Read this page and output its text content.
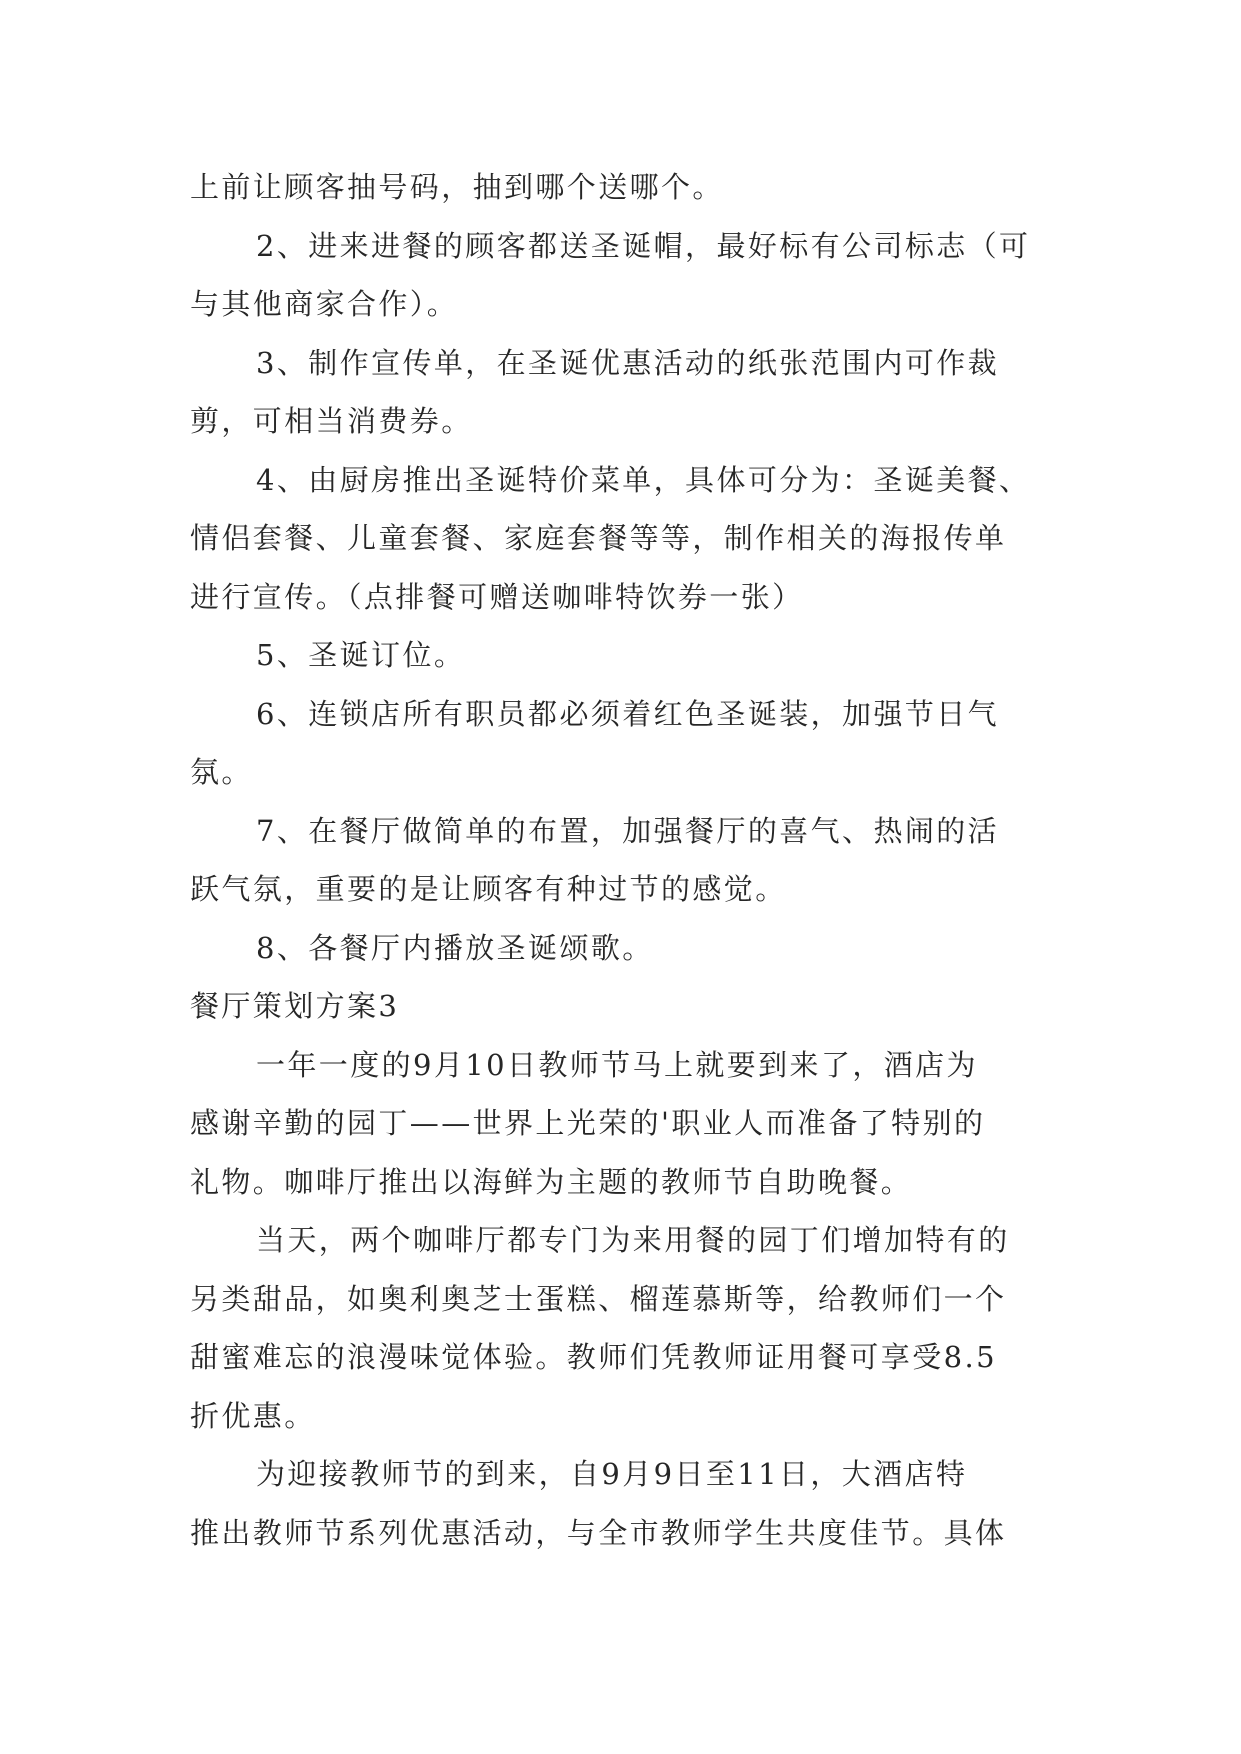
上前让顾客抽号码，抽到哪个送哪个。
2、进来进餐的顾客都送圣诞帽，最好标有公司标志（可
与其他商家合作）。
3、制作宣传单，在圣诞优惠活动的纸张范围内可作裁
剪，可相当消费券。
4、由厨房推出圣诞特价菜单，具体可分为：圣诞美餐、
情侣套餐、儿童套餐、家庭套餐等等，制作相关的海报传单
进行宣传。（点排餐可赠送咖啡特饮券一张）
5、圣诞订位。
6、连锁店所有职员都必须着红色圣诞装，加强节日气
氛。
7、在餐厅做简单的布置，加强餐厅的喜气、热闹的活
跃气氛，重要的是让顾客有种过节的感觉。
8、各餐厅内播放圣诞颂歌。
餐厅策划方案3
一年一度的9月10日教师节马上就要到来了，酒店为
感谢辛勤的园丁——世界上光荣的'职业人而准备了特别的
礼物。咖啡厅推出以海鲜为主题的教师节自助晚餐。
当天，两个咖啡厅都专门为来用餐的园丁们增加特有的
另类甜品，如奥利奥芝士蛋糕、榴莲慕斯等，给教师们一个
甜蜜难忘的浪漫味觉体验。教师们凭教师证用餐可享受8.5
折优惠。
为迎接教师节的到来，自9月9日至11日，大酒店特
推出教师节系列优惠活动，与全市教师学生共度佳节。具体
